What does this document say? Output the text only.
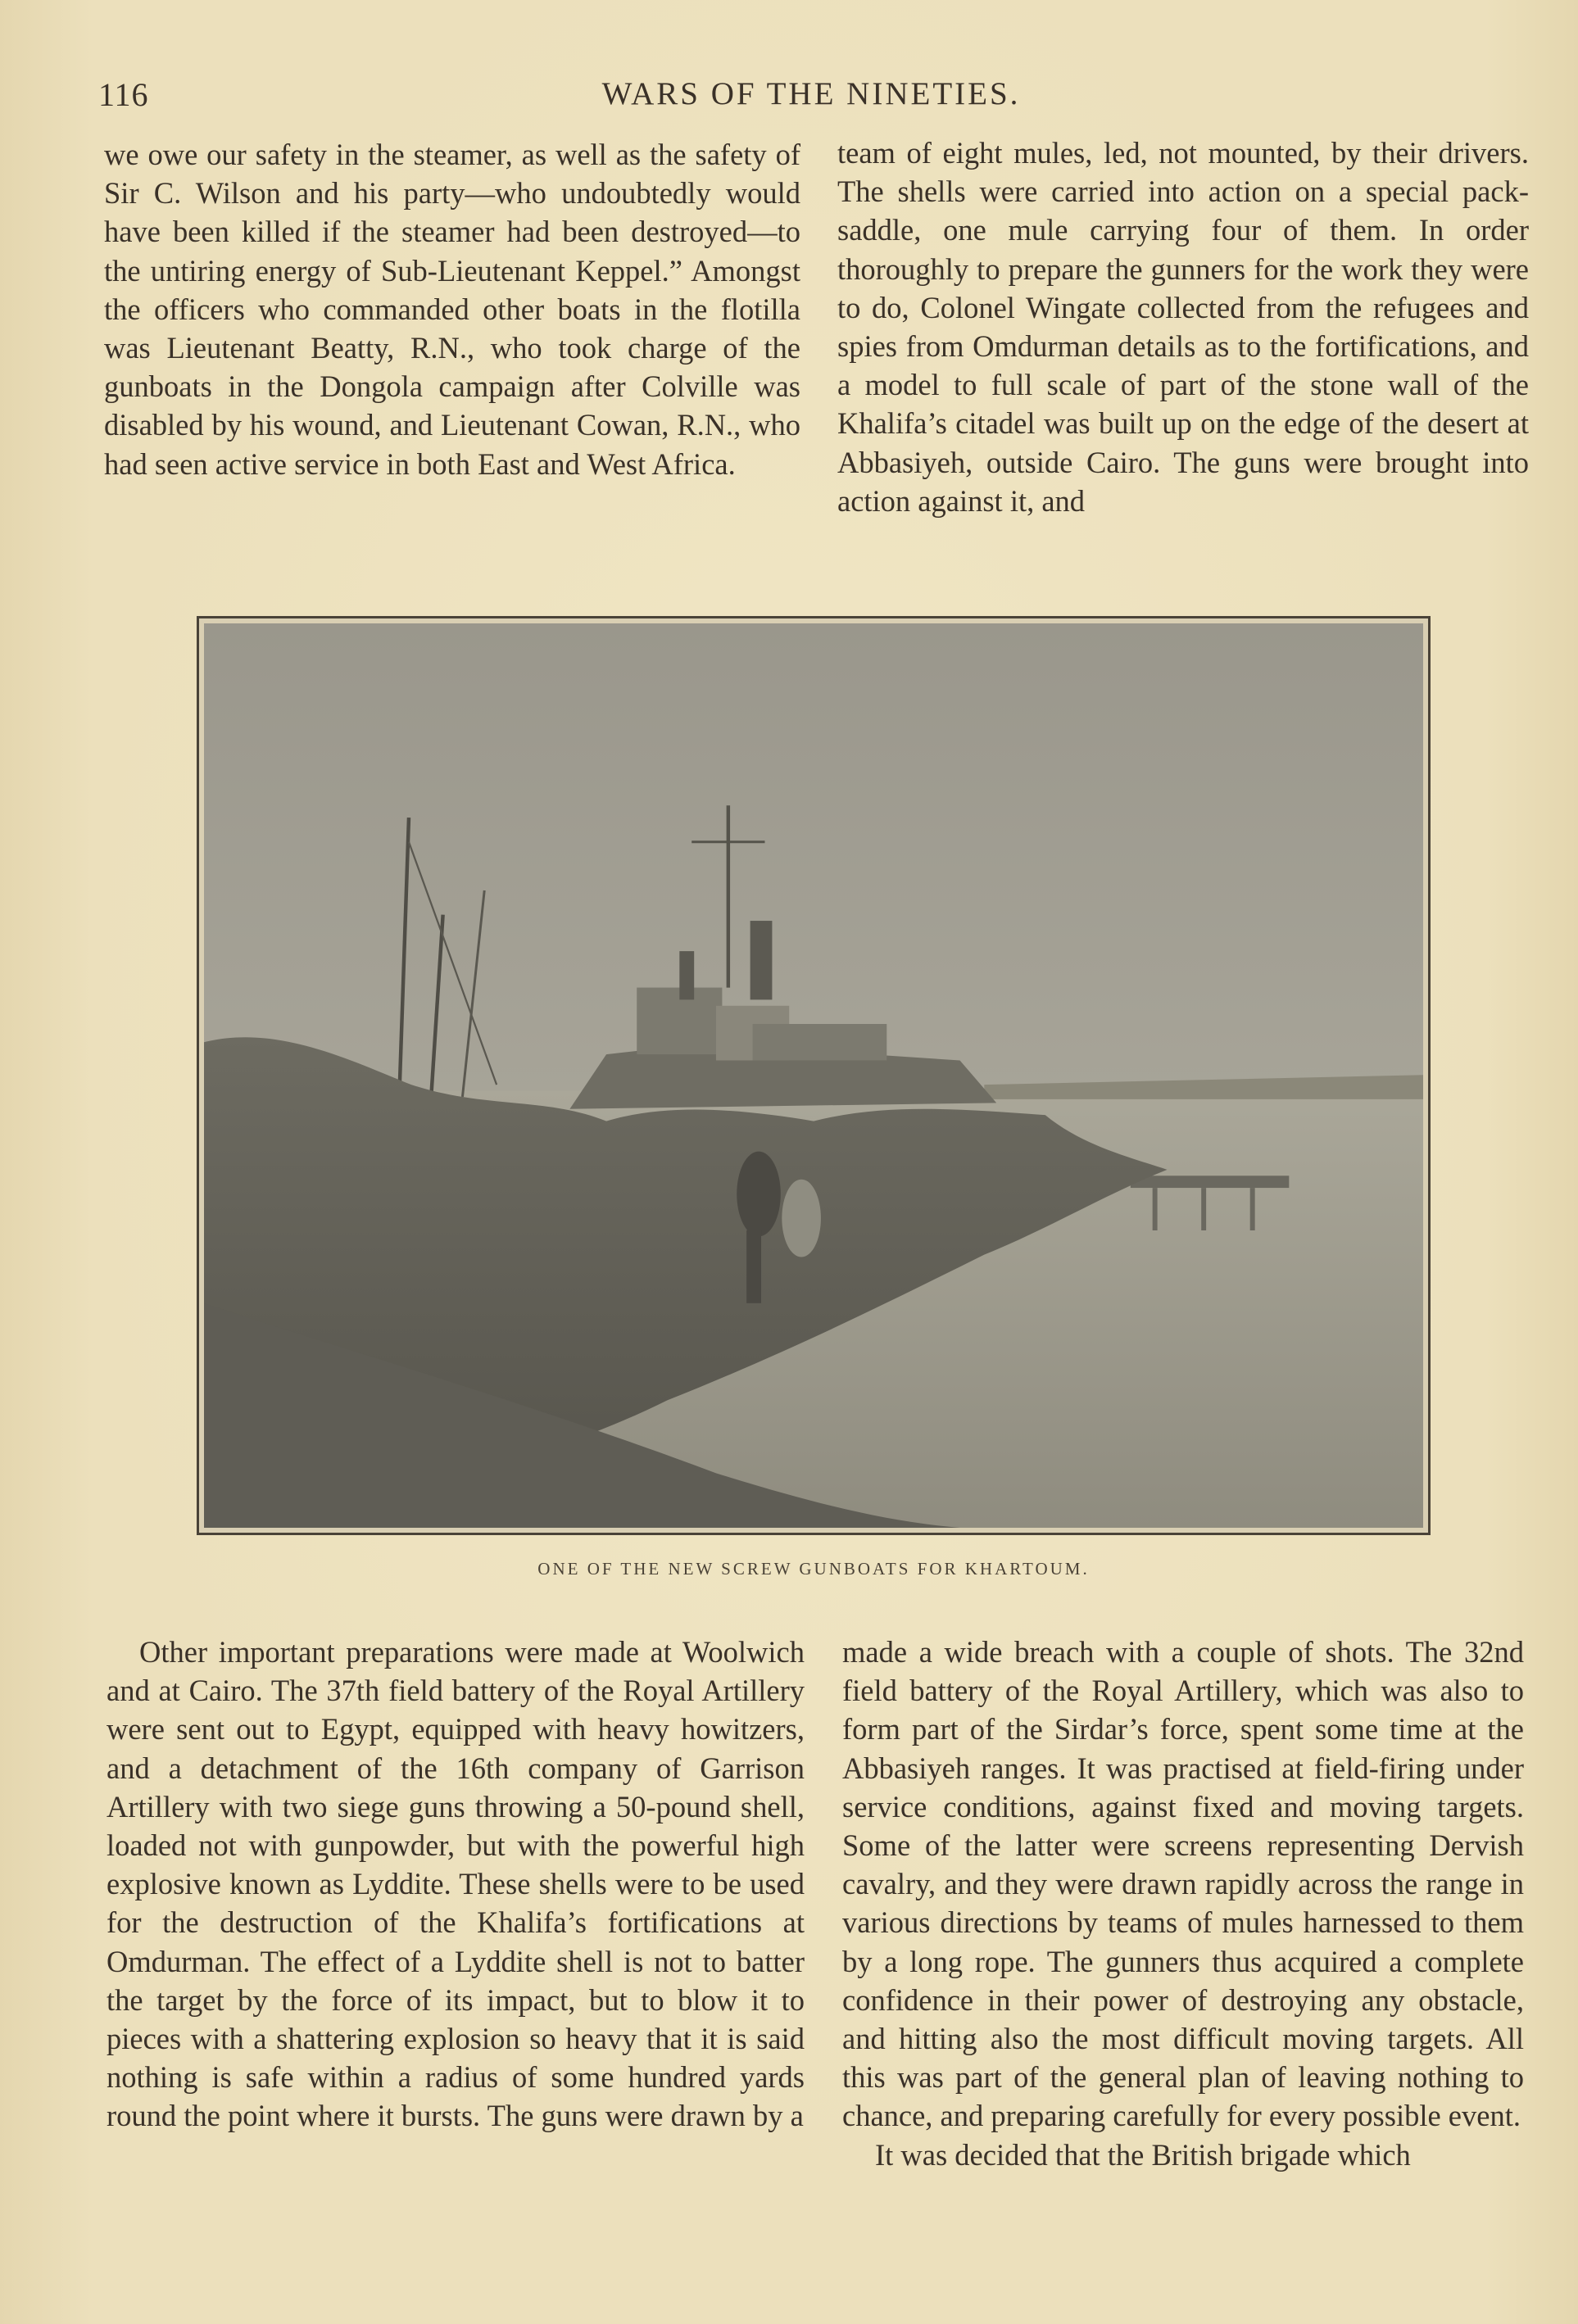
116	WARS OF THE NINETIES.

we owe our safety in the steamer, as well as the safety of Sir C. Wilson and his party—who undoubtedly would have been killed if the steamer had been destroyed—to the untiring energy of Sub-Lieutenant Keppel.” Amongst the officers who commanded other boats in the flotilla was Lieutenant Beatty, R.N., who took charge of the gunboats in the Dongola campaign after Colville was disabled by his wound, and Lieutenant Cowan, R.N., who had seen active service in both East and West Africa.

team of eight mules, led, not mounted, by their drivers. The shells were carried into action on a special pack-saddle, one mule carrying four of them. In order thoroughly to prepare the gunners for the work they were to do, Colonel Wingate collected from the refugees and spies from Omdurman details as to the fortifications, and a model to full scale of part of the stone wall of the Khalifa’s citadel was built up on the edge of the desert at Abbasiyeh, outside Cairo. The guns were brought into action against it, and

ONE OF THE NEW SCREW GUNBOATS FOR KHARTOUM.

Other important preparations were made at Woolwich and at Cairo. The 37th field battery of the Royal Artillery were sent out to Egypt, equipped with heavy howitzers, and a detachment of the 16th company of Garrison Artillery with two siege guns throwing a 50-pound shell, loaded not with gunpowder, but with the powerful high explosive known as Lyddite. These shells were to be used for the destruction of the Khalifa’s fortifications at Omdurman. The effect of a Lyddite shell is not to batter the target by the force of its impact, but to blow it to pieces with a shattering explosion so heavy that it is said nothing is safe within a radius of some hundred yards round the point where it bursts. The guns were drawn by a

made a wide breach with a couple of shots. The 32nd field battery of the Royal Artillery, which was also to form part of the Sirdar’s force, spent some time at the Abbasiyeh ranges. It was practised at field-firing under service conditions, against fixed and moving targets. Some of the latter were screens representing Dervish cavalry, and they were drawn rapidly across the range in various directions by teams of mules harnessed to them by a long rope. The gunners thus acquired a complete confidence in their power of destroying any obstacle, and hitting also the most difficult moving targets. All this was part of the general plan of leaving nothing to chance, and preparing carefully for every possible event.

It was decided that the British brigade which
